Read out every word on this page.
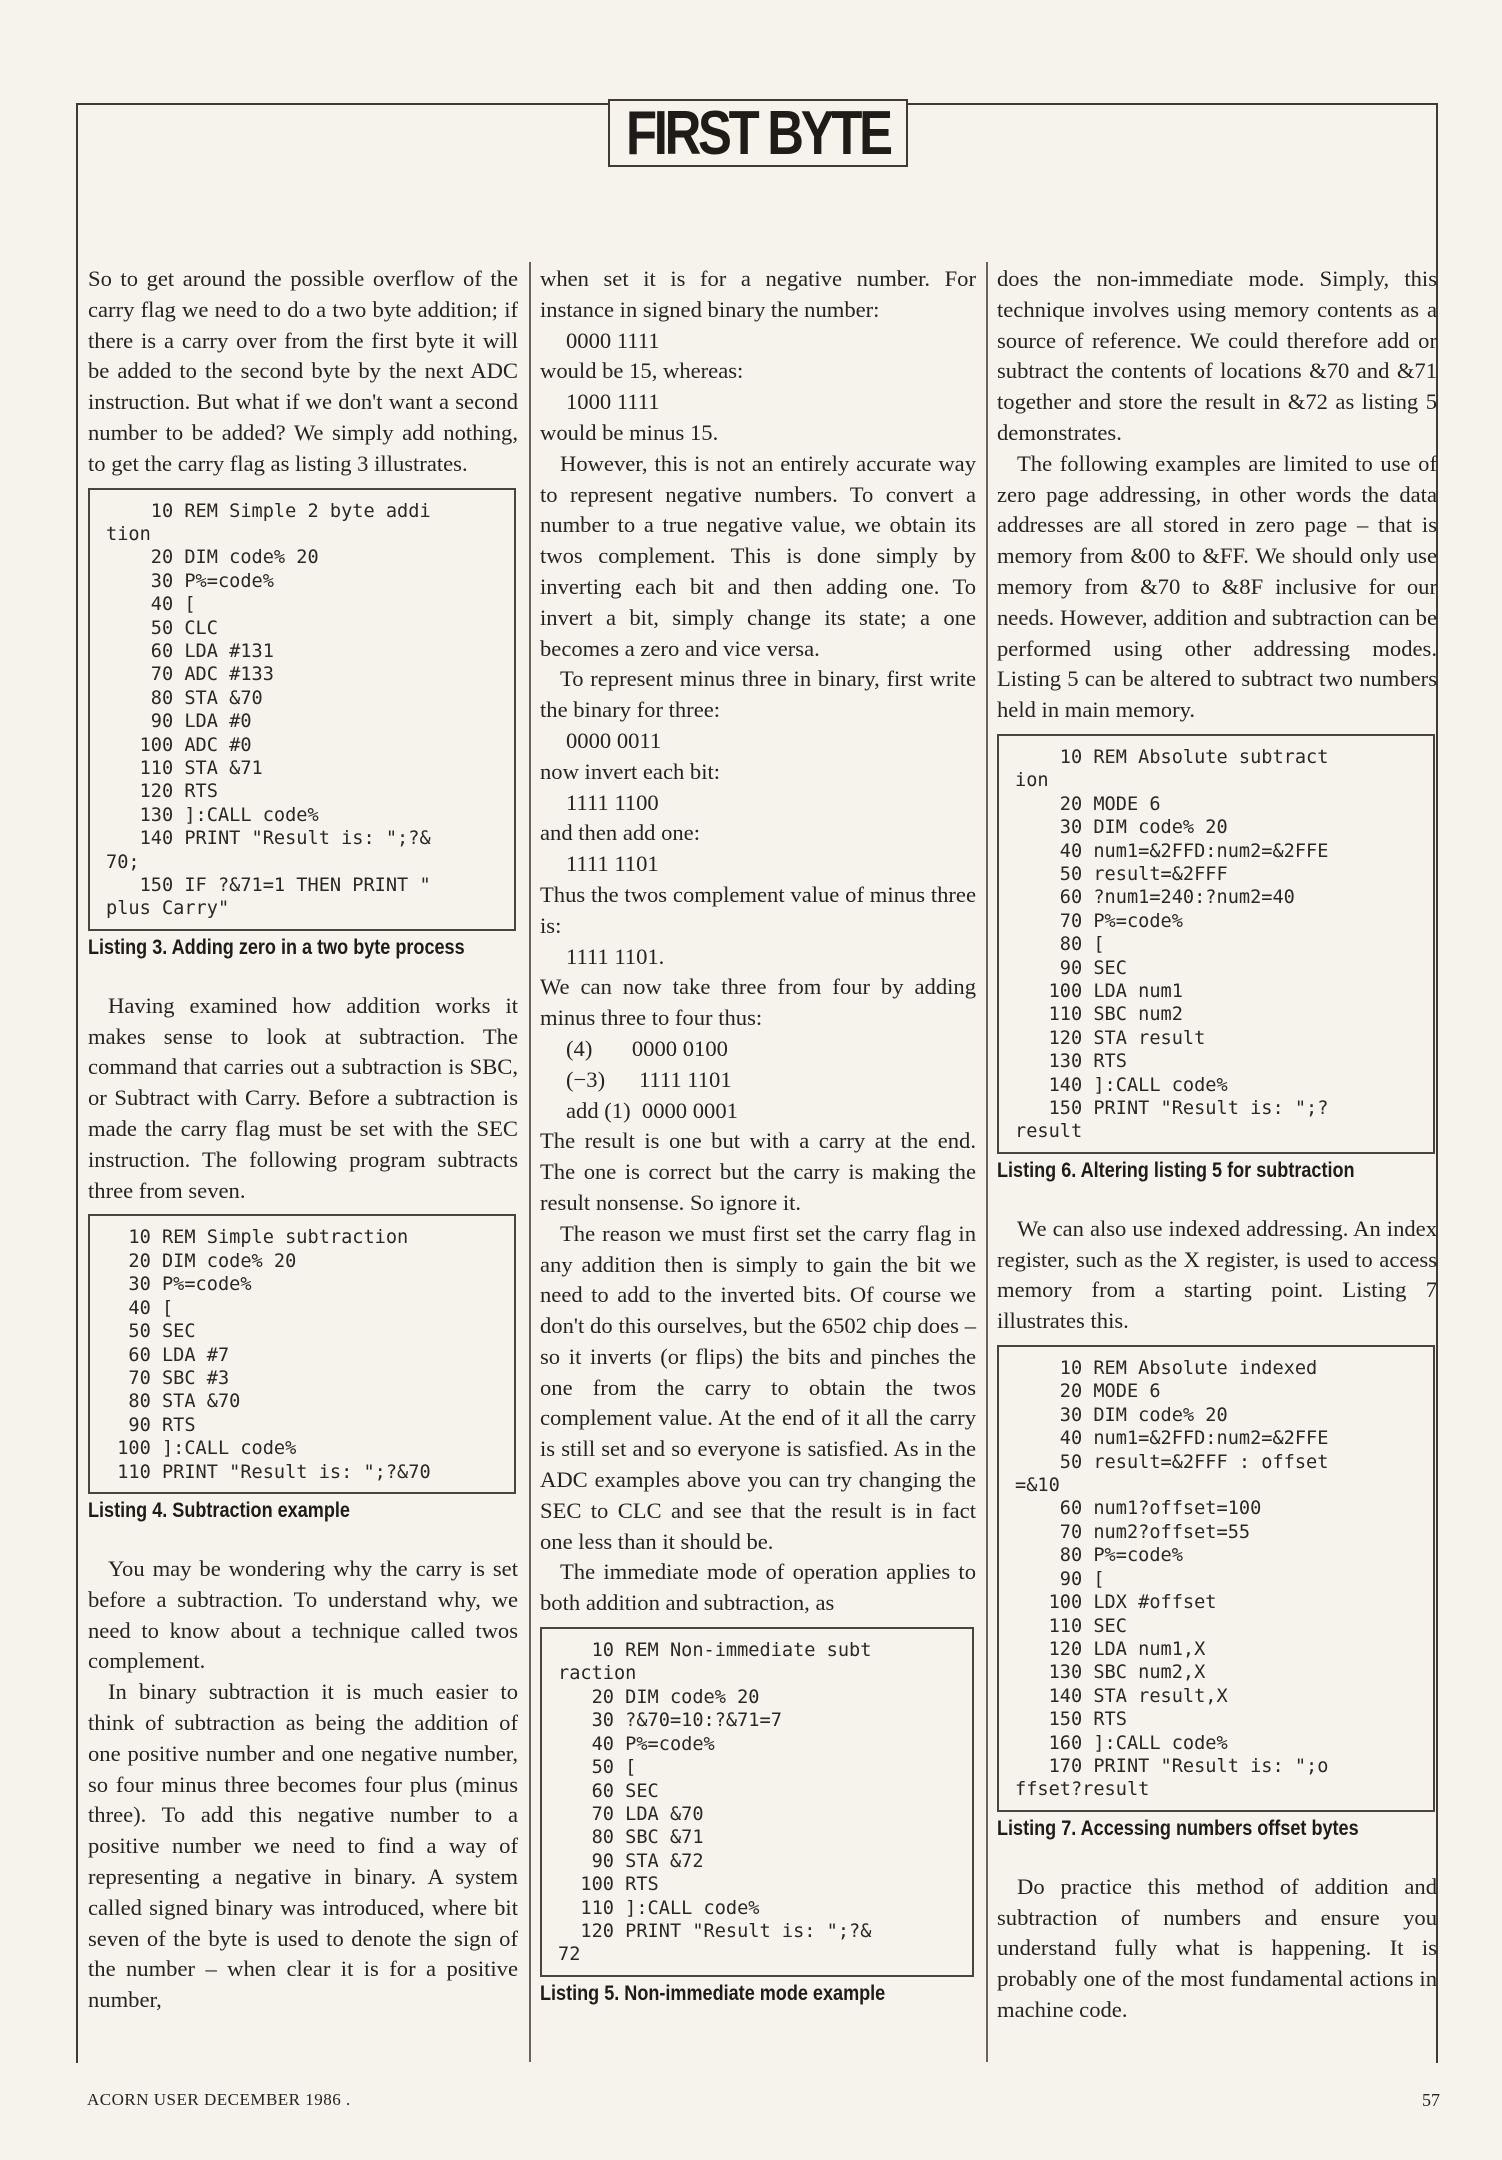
FIRST BYTE

So to get around the possible overflow of the carry flag we need to do a two byte addition; if there is a carry over from the first byte it will be added to the second byte by the next ADC instruction. But what if we don't want a second number to be added? We simply add nothing, to get the carry flag as listing 3 illustrates.

10 REM Simple 2 byte addi
tion
20 DIM code% 20
30 P%=code%
40 [
50 CLC
60 LDA #131
70 ADC #133
80 STA &70
90 LDA #0
100 ADC #0
110 STA &71
120 RTS
130 ]:CALL code%
140 PRINT "Result is: ";?&
70;
150 IF ?&71=1 THEN PRINT "
plus Carry"
Listing 3. Adding zero in a two byte process

Having examined how addition works it makes sense to look at subtraction. The command that carries out a subtraction is SBC, or Subtract with Carry. Before a subtraction is made the carry flag must be set with the SEC instruction. The following program subtracts three from seven.

10 REM Simple subtraction
20 DIM code% 20
30 P%=code%
40 [
50 SEC
60 LDA #7
70 SBC #3
80 STA &70
90 RTS
100 ]:CALL code%
110 PRINT "Result is: ";?&70
Listing 4. Subtraction example

You may be wondering why the carry is set before a subtraction. To understand why, we need to know about a technique called twos complement.

In binary subtraction it is much easier to think of subtraction as being the addition of one positive number and one negative number, so four minus three becomes four plus (minus three). To add this negative number to a positive number we need to find a way of representing a negative in binary. A system called signed binary was introduced, where bit seven of the byte is used to denote the sign of the number – when clear it is for a positive number,

when set it is for a negative number. For instance in signed binary the number:

0000 1111

would be 15, whereas:

1000 1111

would be minus 15.

However, this is not an entirely accurate way to represent negative numbers. To convert a number to a true negative value, we obtain its twos complement. This is done simply by inverting each bit and then adding one. To invert a bit, simply change its state; a one becomes a zero and vice versa.

To represent minus three in binary, first write the binary for three:

0000 0011

now invert each bit:

1111 1100

and then add one:

1111 1101

Thus the twos complement value of minus three is:

1111 1101.

We can now take three from four by adding minus three to four thus:

(4)       0000 0100

(−3)      1111 1101

add (1)  0000 0001

The result is one but with a carry at the end. The one is correct but the carry is making the result nonsense. So ignore it.

The reason we must first set the carry flag in any addition then is simply to gain the bit we need to add to the inverted bits. Of course we don't do this ourselves, but the 6502 chip does – so it inverts (or flips) the bits and pinches the one from the carry to obtain the twos complement value. At the end of it all the carry is still set and so everyone is satisfied. As in the ADC examples above you can try changing the SEC to CLC and see that the result is in fact one less than it should be.

The immediate mode of operation applies to both addition and subtraction, as

10 REM Non-immediate subt
raction
20 DIM code% 20
30 ?&70=10:?&71=7
40 P%=code%
50 [
60 SEC
70 LDA &70
80 SBC &71
90 STA &72
100 RTS
110 ]:CALL code%
120 PRINT "Result is: ";?&
72
Listing 5. Non-immediate mode example

does the non-immediate mode. Simply, this technique involves using memory contents as a source of reference. We could therefore add or subtract the contents of locations &70 and &71 together and store the result in &72 as listing 5 demonstrates.

The following examples are limited to use of zero page addressing, in other words the data addresses are all stored in zero page – that is memory from &00 to &FF. We should only use memory from &70 to &8F inclusive for our needs. However, addition and subtraction can be performed using other addressing modes. Listing 5 can be altered to subtract two numbers held in main memory.

10 REM Absolute subtract
ion
20 MODE 6
30 DIM code% 20
40 num1=&2FFD:num2=&2FFE
50 result=&2FFF
60 ?num1=240:?num2=40
70 P%=code%
80 [
90 SEC
100 LDA num1
110 SBC num2
120 STA result
130 RTS
140 ]:CALL code%
150 PRINT "Result is: ";?
result
Listing 6. Altering listing 5 for subtraction

We can also use indexed addressing. An index register, such as the X register, is used to access memory from a starting point. Listing 7 illustrates this.

10 REM Absolute indexed
20 MODE 6
30 DIM code% 20
40 num1=&2FFD:num2=&2FFE
50 result=&2FFF : offset
=&10
60 num1?offset=100
70 num2?offset=55
80 P%=code%
90 [
100 LDX #offset
110 SEC
120 LDA num1,X
130 SBC num2,X
140 STA result,X
150 RTS
160 ]:CALL code%
170 PRINT "Result is: ";o
ffset?result
Listing 7. Accessing numbers offset bytes

Do practice this method of addition and subtraction of numbers and ensure you understand fully what is happening. It is probably one of the most fundamental actions in machine code.

ACORN USER DECEMBER 1986 .	57
